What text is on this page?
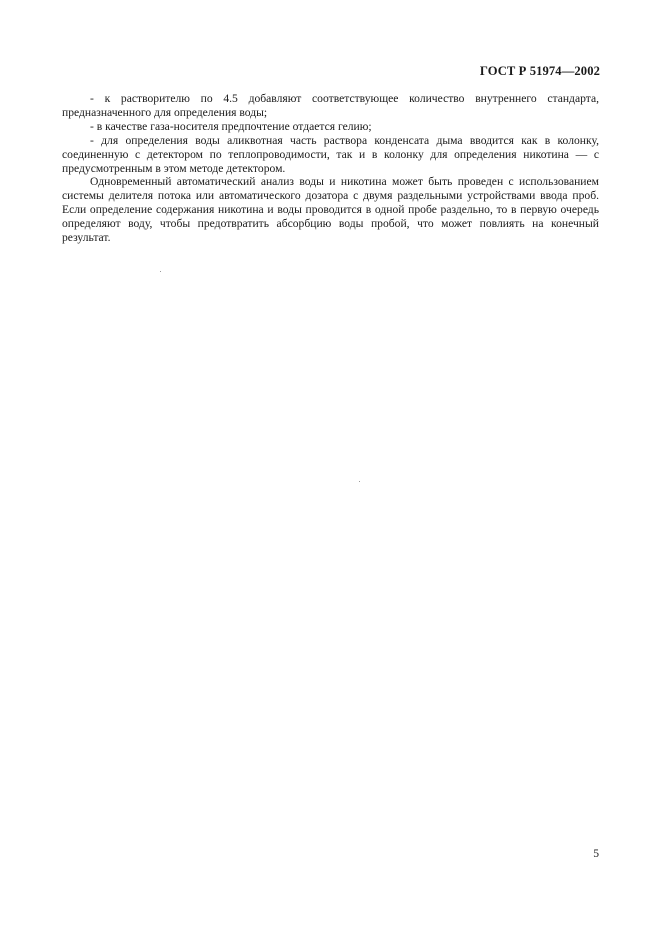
ГОСТ Р 51974—2002

- к растворителю по 4.5 добавляют соответствующее количество внутреннего стандарта, предназначенного для определения воды;

- в качестве газа-носителя предпочтение отдается гелию;

- для определения воды аликвотная часть раствора конденсата дыма вводится как в колонку, соединенную с детектором по теплопроводимости, так и в колонку для определения никотина — с предусмотренным в этом методе детектором.

Одновременный автоматический анализ воды и никотина может быть проведен с использованием системы делителя потока или автоматического дозатора с двумя раздельными устройствами ввода проб. Если определение содержания никотина и воды проводится в одной пробе раздельно, то в первую очередь определяют воду, чтобы предотвратить абсорбцию воды пробой, что может повлиять на конечный результат.

5
